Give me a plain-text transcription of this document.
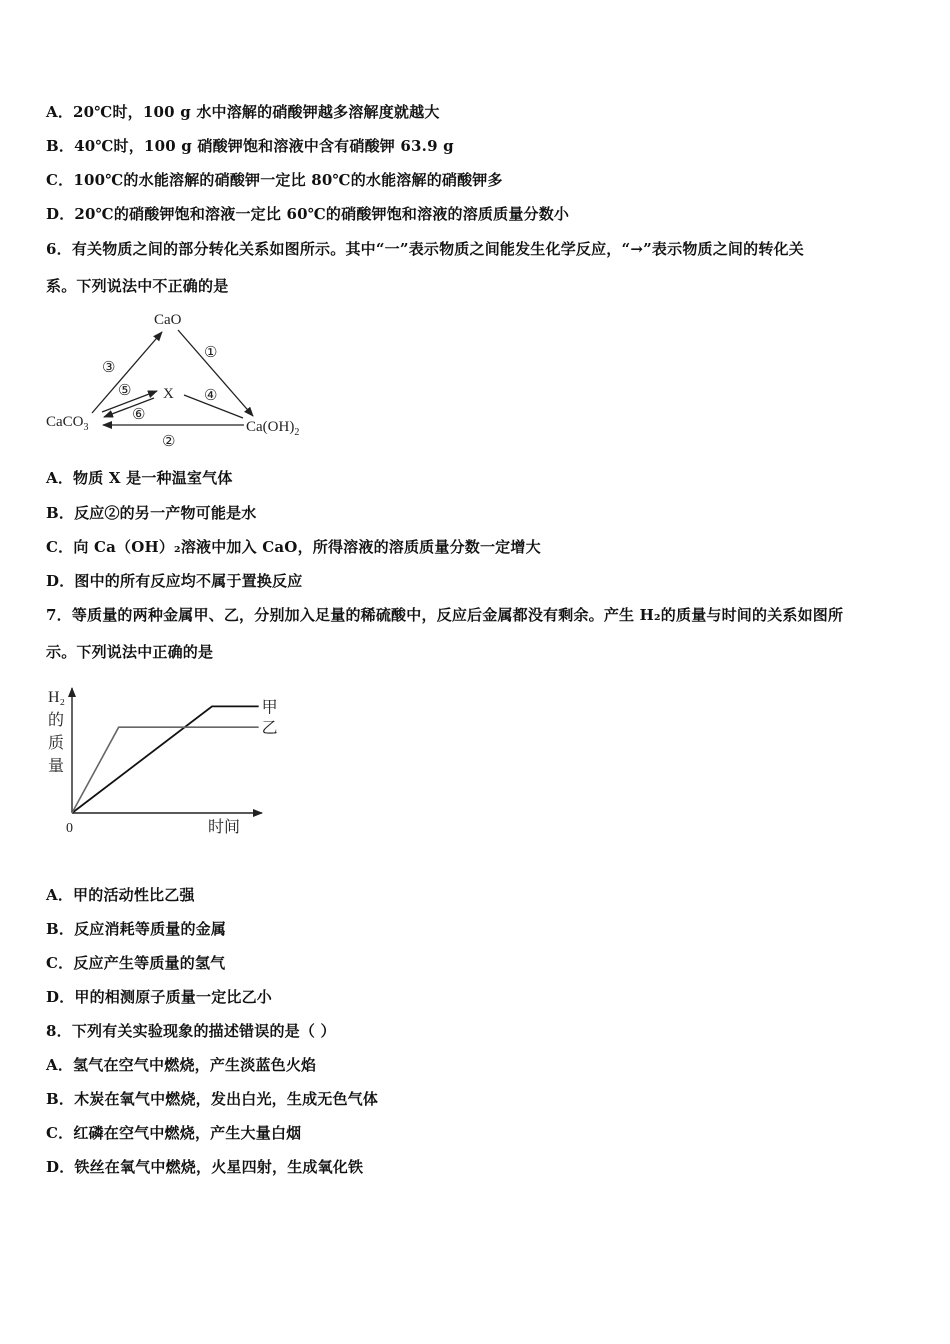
A．20℃时，100 g 水中溶解的硝酸钾越多溶解度就越大
B．40℃时，100 g 硝酸钾饱和溶液中含有硝酸钾 63.9 g
C．100℃的水能溶解的硝酸钾一定比 80℃的水能溶解的硝酸钾多
D．20℃的硝酸钾饱和溶液一定比 60℃的硝酸钾饱和溶液的溶质质量分数小
6．有关物质之间的部分转化关系如图所示。其中“一”表示物质之间能发生化学反应，“→”表示物质之间的转化关
系。下列说法中不正确的是
CaO
X
CaCO$_3$	$Ca(OH)_2$
③
①
⑤	④
⑥
②
A．物质 X 是一种温室气体
B．反应②的另一产物可能是水
C．向 Ca（OH）₂溶液中加入 CaO，所得溶液的溶质质量分数一定增大
D．图中的所有反应均不属于置换反应
7．等质量的两种金属甲、乙，分别加入足量的稀硫酸中，反应后金属都没有剩余。产生 H₂的质量与时间的关系如图所
示。下列说法中正确的是
H₂
的
质
量
0	时间
甲
乙
A．甲的活动性比乙强
B．反应消耗等质量的金属
C．反应产生等质量的氢气
D．甲的相测原子质量一定比乙小
8．下列有关实验现象的描述错误的是（ ）
A．氢气在空气中燃烧，产生淡蓝色火焰
B．木炭在氧气中燃烧，发出白光，生成无色气体
C．红磷在空气中燃烧，产生大量白烟
D．铁丝在氧气中燃烧，火星四射，生成氧化铁
